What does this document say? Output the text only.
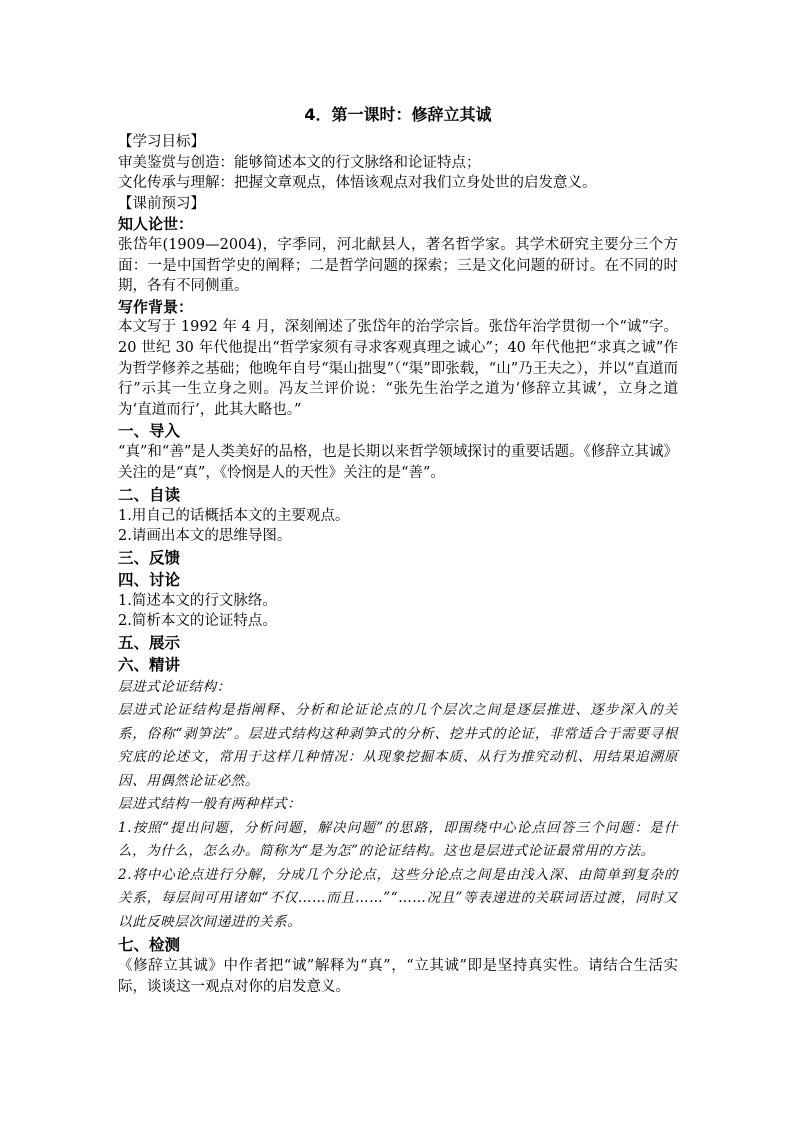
4．第一课时：修辞立其诚
【学习目标】
审美鉴赏与创造：能够简述本文的行文脉络和论证特点；
文化传承与理解：把握文章观点，体悟该观点对我们立身处世的启发意义。
【课前预习】
知人论世：
张岱年(1909—2004)，字季同，河北献县人，著名哲学家。其学术研究主要分三个方面：一是中国哲学史的阐释；二是哲学问题的探索；三是文化问题的研讨。在不同的时期，各有不同侧重。
写作背景：
本文写于 1992 年 4 月，深刻阐述了张岱年的治学宗旨。张岱年治学贯彻一个“诚”字。20 世纪 30 年代他提出“哲学家须有寻求客观真理之诚心”；40 年代他把“求真之诚”作为哲学修养之基础；他晚年自号“渠山拙叟”（“渠”即张载，“山”乃王夫之），并以“直道而行”示其一生立身之则。冯友兰评价说：“张先生治学之道为‘修辞立其诚’，立身之道为‘直道而行’，此其大略也。”
一、导入
“真”和“善”是人类美好的品格，也是长期以来哲学领域探讨的重要话题。《修辞立其诚》关注的是“真”，《怜悯是人的天性》关注的是“善”。
二、自读
1.用自己的话概括本文的主要观点。
2.请画出本文的思维导图。
三、反馈
四、讨论
1.简述本文的行文脉络。
2.简析本文的论证特点。
五、展示
六、精讲
层进式论证结构：
层进式论证结构是指阐释、分析和论证论点的几个层次之间是逐层推进、逐步深入的关系，俗称“剥笋法”。层进式结构这种剥笋式的分析、挖井式的论证，非常适合于需要寻根究底的论述文，常用于这样几种情况：从现象挖掘本质、从行为推究动机、用结果追溯原因、用偶然论证必然。
层进式结构一般有两种样式：
1.按照“提出问题，分析问题，解决问题”的思路，即围绕中心论点回答三个问题：是什么，为什么，怎么办。简称为“是为怎”的论证结构。这也是层进式论证最常用的方法。
2.将中心论点进行分解，分成几个分论点，这些分论点之间是由浅入深、由简单到复杂的关系，每层间可用诸如“不仅……而且……”“……况且”等表递进的关联词语过渡，同时又以此反映层次间递进的关系。
七、检测
《修辞立其诚》中作者把“诚”解释为“真”，“立其诚”即是坚持真实性。请结合生活实际，谈谈这一观点对你的启发意义。
